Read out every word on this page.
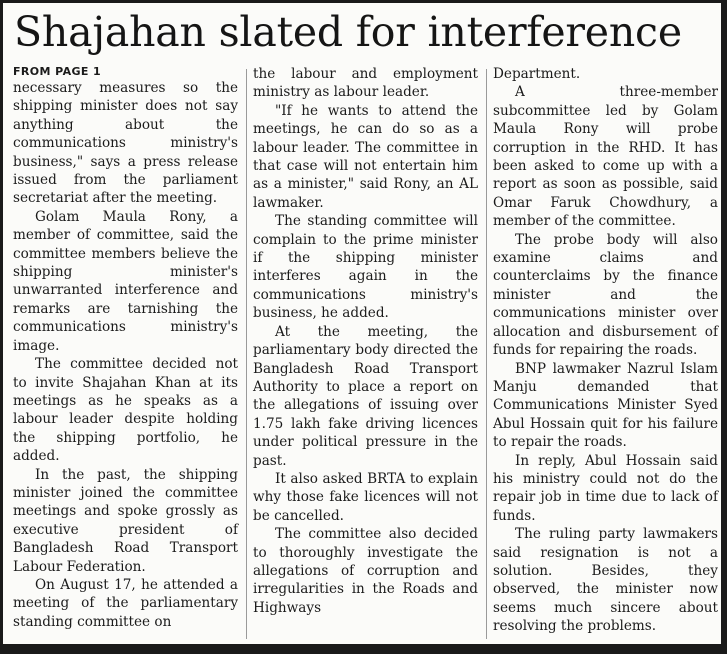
Shajahan slated for interference
FROM PAGE 1

necessary measures so the shipping minister does not say anything about the communications ministry's business," says a press release issued from the parliament secretariat after the meeting.

Golam Maula Rony, a member of committee, said the committee members believe the shipping minister's unwarranted interference and remarks are tarnishing the communications ministry's image.

The committee decided not to invite Shajahan Khan at its meetings as he speaks as a labour leader despite holding the shipping portfolio, he added.

In the past, the shipping minister joined the committee meetings and spoke grossly as executive president of Bangladesh Road Transport Labour Federation.

On August 17, he attended a meeting of the parliamentary standing committee on

the labour and employment ministry as labour leader.

"If he wants to attend the meetings, he can do so as a labour leader. The committee in that case will not entertain him as a minister," said Rony, an AL lawmaker.

The standing committee will complain to the prime minister if the shipping minister interferes again in the communications ministry's business, he added.

At the meeting, the parliamentary body directed the Bangladesh Road Transport Authority to place a report on the allegations of issuing over 1.75 lakh fake driving licences under political pressure in the past.

It also asked BRTA to explain why those fake licences will not be cancelled.

The committee also decided to thoroughly investigate the allegations of corruption and irregularities in the Roads and Highways

Department.

A three-member subcommittee led by Golam Maula Rony will probe corruption in the RHD. It has been asked to come up with a report as soon as possible, said Omar Faruk Chowdhury, a member of the committee.

The probe body will also examine claims and counterclaims by the finance minister and the communications minister over allocation and disbursement of funds for repairing the roads.

BNP lawmaker Nazrul Islam Manju demanded that Communications Minister Syed Abul Hossain quit for his failure to repair the roads.

In reply, Abul Hossain said his ministry could not do the repair job in time due to lack of funds.

The ruling party lawmakers said resignation is not a solution. Besides, they observed, the minister now seems much sincere about resolving the problems.
